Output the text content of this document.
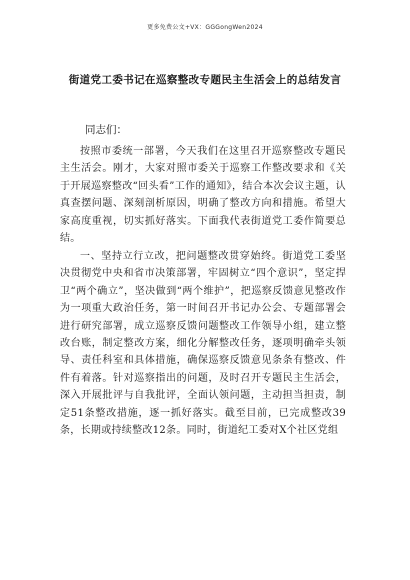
更多免费公文+VX：GGGongWen2024
街道党工委书记在巡察整改专题民主生活会上的总结发言
同志们：

按照市委统一部署，今天我们在这里召开巡察整改专题民主生活会。刚才，大家对照市委关于巡察工作整改要求和《关于开展巡察整改“回头看”工作的通知》，结合本次会议主题，认真查摆问题、深刻剖析原因，明确了整改方向和措施。希望大家高度重视，切实抓好落实。下面我代表街道党工委作简要总结。

一、坚持立行立改，把问题整改贯穿始终。街道党工委坚决贯彻党中央和省市决策部署，牢固树立“四个意识”，坚定捍卫“两个确立”，坚决做到“两个维护”，把巡察反馈意见整改作为一项重大政治任务，第一时间召开书记办公会、专题部署会进行研究部署，成立巡察反馈问题整改工作领导小组，建立整改台账，制定整改方案，细化分解整改任务，逐项明确牵头领导、责任科室和具体措施，确保巡察反馈意见条条有整改、件件有着落。针对巡察指出的问题，及时召开专题民主生活会，深入开展批评与自我批评，全面认领问题，主动担当担责，制定51条整改措施，逐一抓好落实。截至目前，已完成整改39条，长期或持续整改12条。同时，街道纪工委对X个社区党组
